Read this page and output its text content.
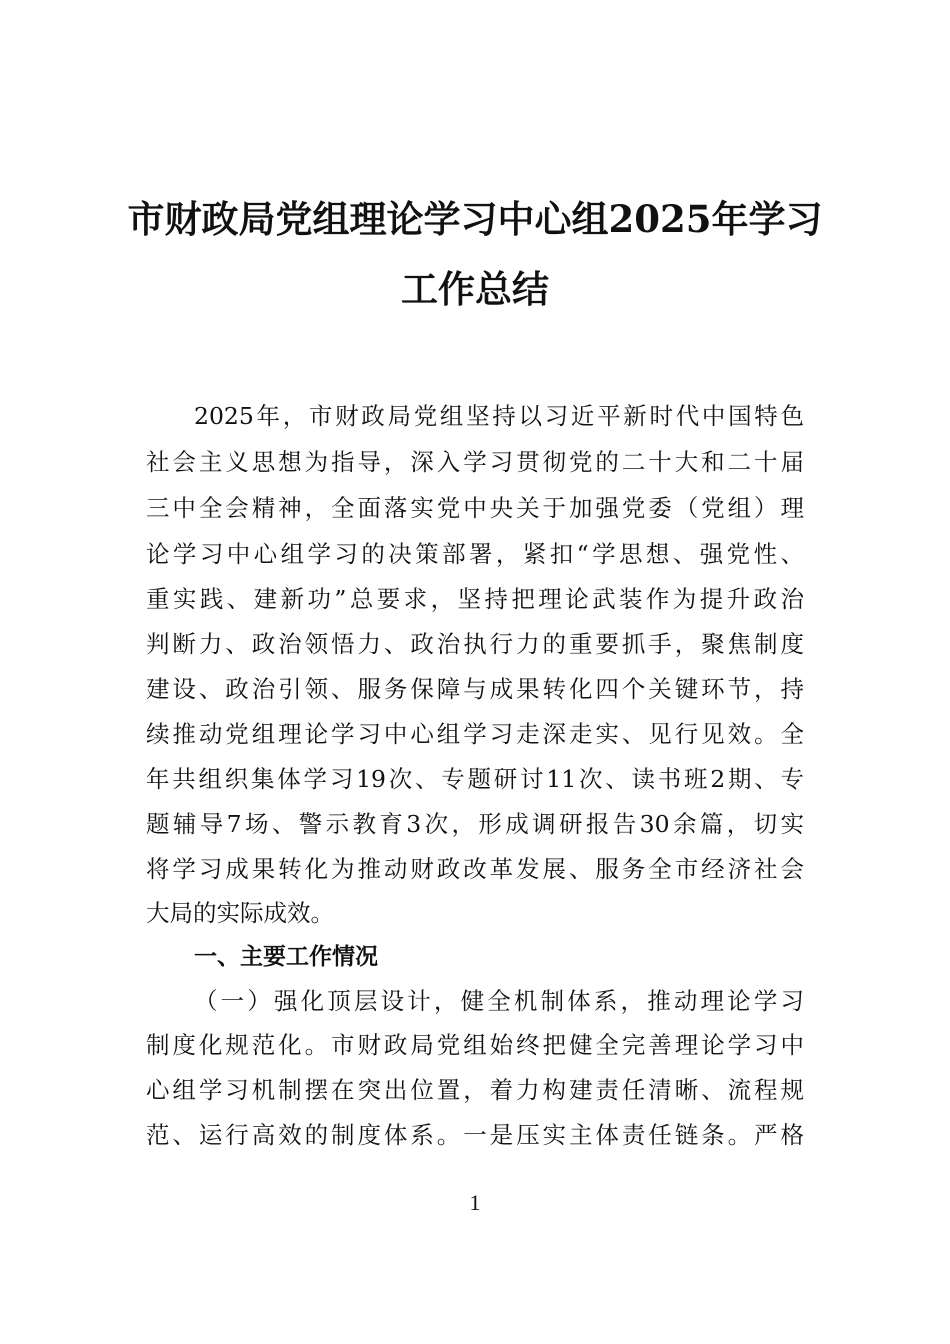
市财政局党组理论学习中心组2025年学习
工作总结
2025年，市财政局党组坚持以习近平新时代中国特色
社会主义思想为指导，深入学习贯彻党的二十大和二十届
三中全会精神，全面落实党中央关于加强党委（党组）理
论学习中心组学习的决策部署，紧扣“学思想、强党性、
重实践、建新功”总要求，坚持把理论武装作为提升政治
判断力、政治领悟力、政治执行力的重要抓手，聚焦制度
建设、政治引领、服务保障与成果转化四个关键环节，持
续推动党组理论学习中心组学习走深走实、见行见效。全
年共组织集体学习19次、专题研讨11次、读书班2期、专
题辅导7场、警示教育3次，形成调研报告30余篇，切实
将学习成果转化为推动财政改革发展、服务全市经济社会
大局的实际成效。
一、主要工作情况
（一）强化顶层设计，健全机制体系，推动理论学习
制度化规范化。市财政局党组始终把健全完善理论学习中
心组学习机制摆在突出位置，着力构建责任清晰、流程规
范、运行高效的制度体系。一是压实主体责任链条。严格
1
